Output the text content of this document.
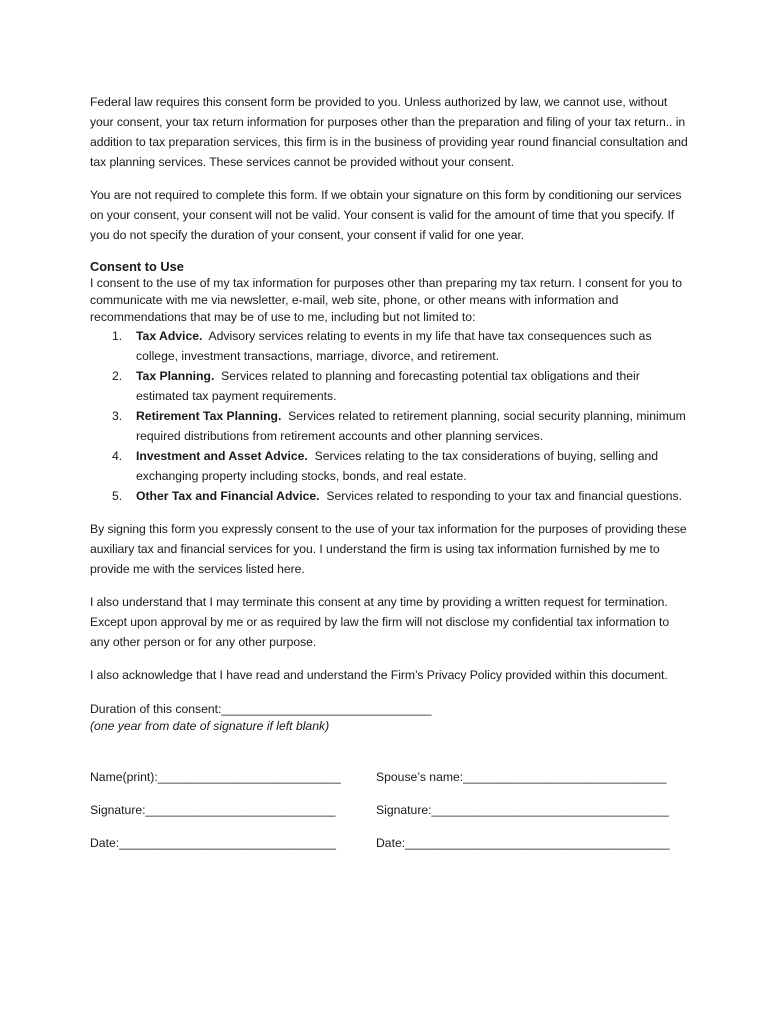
Federal law requires this consent form be provided to you. Unless authorized by law, we cannot use, without your consent, your tax return information for purposes other than the preparation and filing of your tax return.. in addition to tax preparation services, this firm is in the business of providing year round financial consultation and tax planning services. These services cannot be provided without your consent.

You are not required to complete this form. If we obtain your signature on this form by conditioning our services on your consent, your consent will not be valid. Your consent is valid for the amount of time that you specify. If you do not specify the duration of your consent, your consent if valid for one year.

Consent to Use

I consent to the use of my tax information for purposes other than preparing my tax return. I consent for you to communicate with me via newsletter, e-mail, web site, phone, or other means with information and recommendations that may be of use to me, including but not limited to:

1. Tax Advice. Advisory services relating to events in my life that have tax consequences such as college, investment transactions, marriage, divorce, and retirement.
2. Tax Planning. Services related to planning and forecasting potential tax obligations and their estimated tax payment requirements.
3. Retirement Tax Planning. Services related to retirement planning, social security planning, minimum required distributions from retirement accounts and other planning services.
4. Investment and Asset Advice. Services relating to the tax considerations of buying, selling and exchanging property including stocks, bonds, and real estate.
5. Other Tax and Financial Advice. Services related to responding to your tax and financial questions.

By signing this form you expressly consent to the use of your tax information for the purposes of providing these auxiliary tax and financial services for you. I understand the firm is using tax information furnished by me to provide me with the services listed here.

I also understand that I may terminate this consent at any time by providing a written request for termination. Except upon approval by me or as required by law the firm will not disclose my confidential tax information to any other person or for any other purpose.

I also acknowledge that I have read and understand the Firm’s Privacy Policy provided within this document.

Duration of this consent:_______________________________
(one year from date of signature if left blank)
Name(print):___________________________	Spouse’s name:______________________________
Signature:____________________________	Signature:___________________________________
Date:________________________________	Date:_______________________________________
